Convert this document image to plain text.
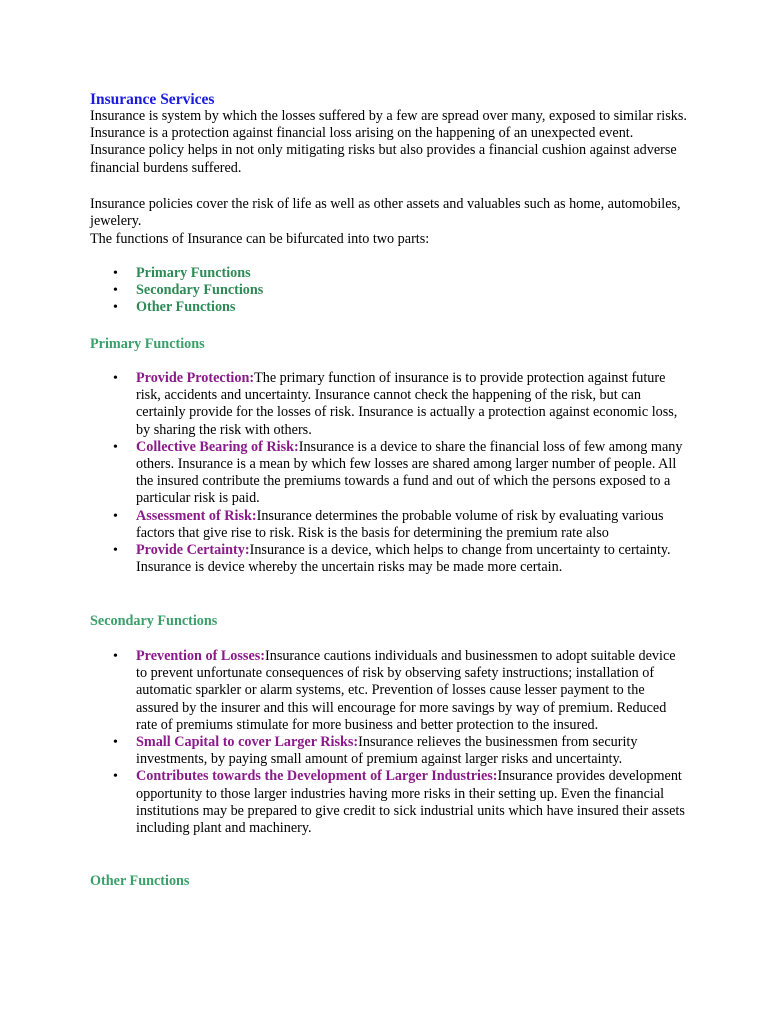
Insurance Services

Insurance is system by which the losses suffered by a few are spread over many, exposed to similar risks. Insurance is a protection against financial loss arising on the happening of an unexpected event. Insurance policy helps in not only mitigating risks but also provides a financial cushion against adverse financial burdens suffered.

Insurance policies cover the risk of life as well as other assets and valuables such as home, automobiles, jewelery.

The functions of Insurance can be bifurcated into two parts:

• Primary Functions
• Secondary Functions
• Other Functions
Primary Functions
• Provide Protection:The primary function of insurance is to provide protection against future risk, accidents and uncertainty. Insurance cannot check the happening of the risk, but can certainly provide for the losses of risk. Insurance is actually a protection against economic loss, by sharing the risk with others.
• Collective Bearing of Risk:Insurance is a device to share the financial loss of few among many others. Insurance is a mean by which few losses are shared among larger number of people. All the insured contribute the premiums towards a fund and out of which the persons exposed to a particular risk is paid.
• Assessment of Risk:Insurance determines the probable volume of risk by evaluating various factors that give rise to risk. Risk is the basis for determining the premium rate also
• Provide Certainty:Insurance is a device, which helps to change from uncertainty to certainty. Insurance is device whereby the uncertain risks may be made more certain.
Secondary Functions
• Prevention of Losses:Insurance cautions individuals and businessmen to adopt suitable device to prevent unfortunate consequences of risk by observing safety instructions; installation of automatic sparkler or alarm systems, etc. Prevention of losses cause lesser payment to the assured by the insurer and this will encourage for more savings by way of premium. Reduced rate of premiums stimulate for more business and better protection to the insured.
• Small Capital to cover Larger Risks:Insurance relieves the businessmen from security investments, by paying small amount of premium against larger risks and uncertainty.
• Contributes towards the Development of Larger Industries:Insurance provides development opportunity to those larger industries having more risks in their setting up. Even the financial institutions may be prepared to give credit to sick industrial units which have insured their assets including plant and machinery.
Other Functions
